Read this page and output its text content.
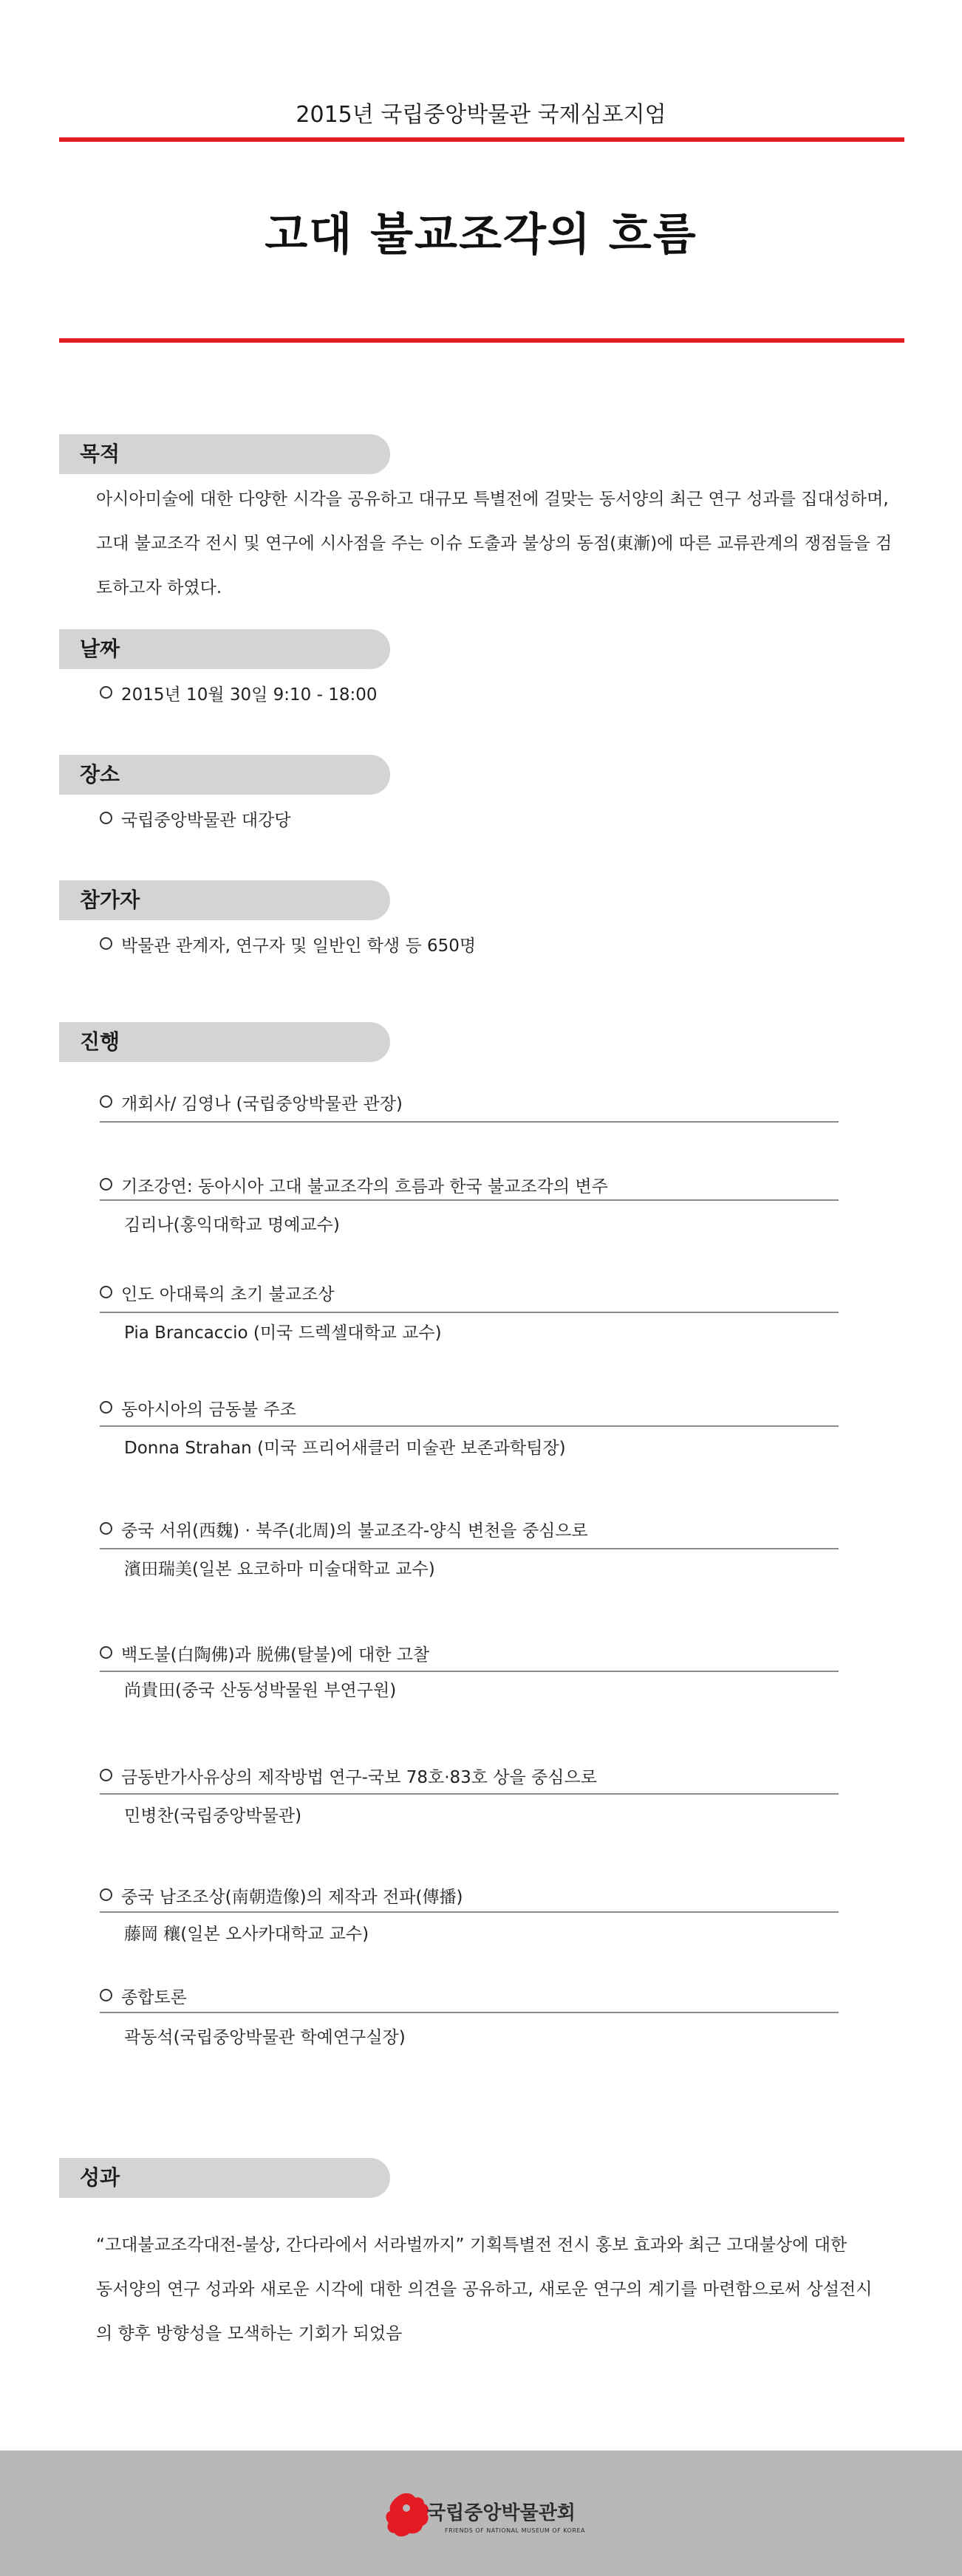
2015년 국립중앙박물관 국제심포지엄
고대 불교조각의 흐름
목적
아시아미술에 대한 다양한 시각을 공유하고 대규모 특별전에 걸맞는 동서양의 최근 연구 성과를 집대성하며,
고대 불교조각 전시 및 연구에 시사점을 주는 이슈 도출과 불상의 동점(東漸)에 따른 교류관계의 쟁점들을 검
토하고자 하였다.
날짜
2015년 10월 30일 9:10 - 18:00
장소
국립중앙박물관 대강당
참가자
박물관 관계자, 연구자 및 일반인 학생 등 650명
진행
개회사/ 김영나 (국립중앙박물관 관장)
기조강연: 동아시아 고대 불교조각의 흐름과 한국 불교조각의 변주
김리나(홍익대학교 명예교수)
인도 아대륙의 초기 불교조상
Pia Brancaccio (미국 드렉셀대학교 교수)
동아시아의 금동불 주조
Donna Strahan (미국 프리어새클러 미술관 보존과학팀장)
중국 서위(西魏) · 북주(北周)의 불교조각-양식 변천을 중심으로
濱田瑞美(일본 요코하마 미술대학교 교수)
백도불(白陶佛)과 脱佛(탈불)에 대한 고찰
尚貴田(중국 산동성박물원 부연구원)
금동반가사유상의 제작방법 연구-국보 78호·83호 상을 중심으로
민병찬(국립중앙박물관)
중국 남조조상(南朝造像)의 제작과 전파(傳播)
藤岡 穰(일본 오사카대학교 교수)
종합토론
곽동석(국립중앙박물관 학예연구실장)
성과
“고대불교조각대전-불상, 간다라에서 서라벌까지” 기획특별전 전시 홍보 효과와 최근 고대불상에 대한
동서양의 연구 성과와 새로운 시각에 대한 의견을 공유하고, 새로운 연구의 계기를 마련함으로써 상설전시
의 향후 방향성을 모색하는 기회가 되었음
국립중앙박물관회
FRIENDS OF NATIONAL MUSEUM OF KOREA
